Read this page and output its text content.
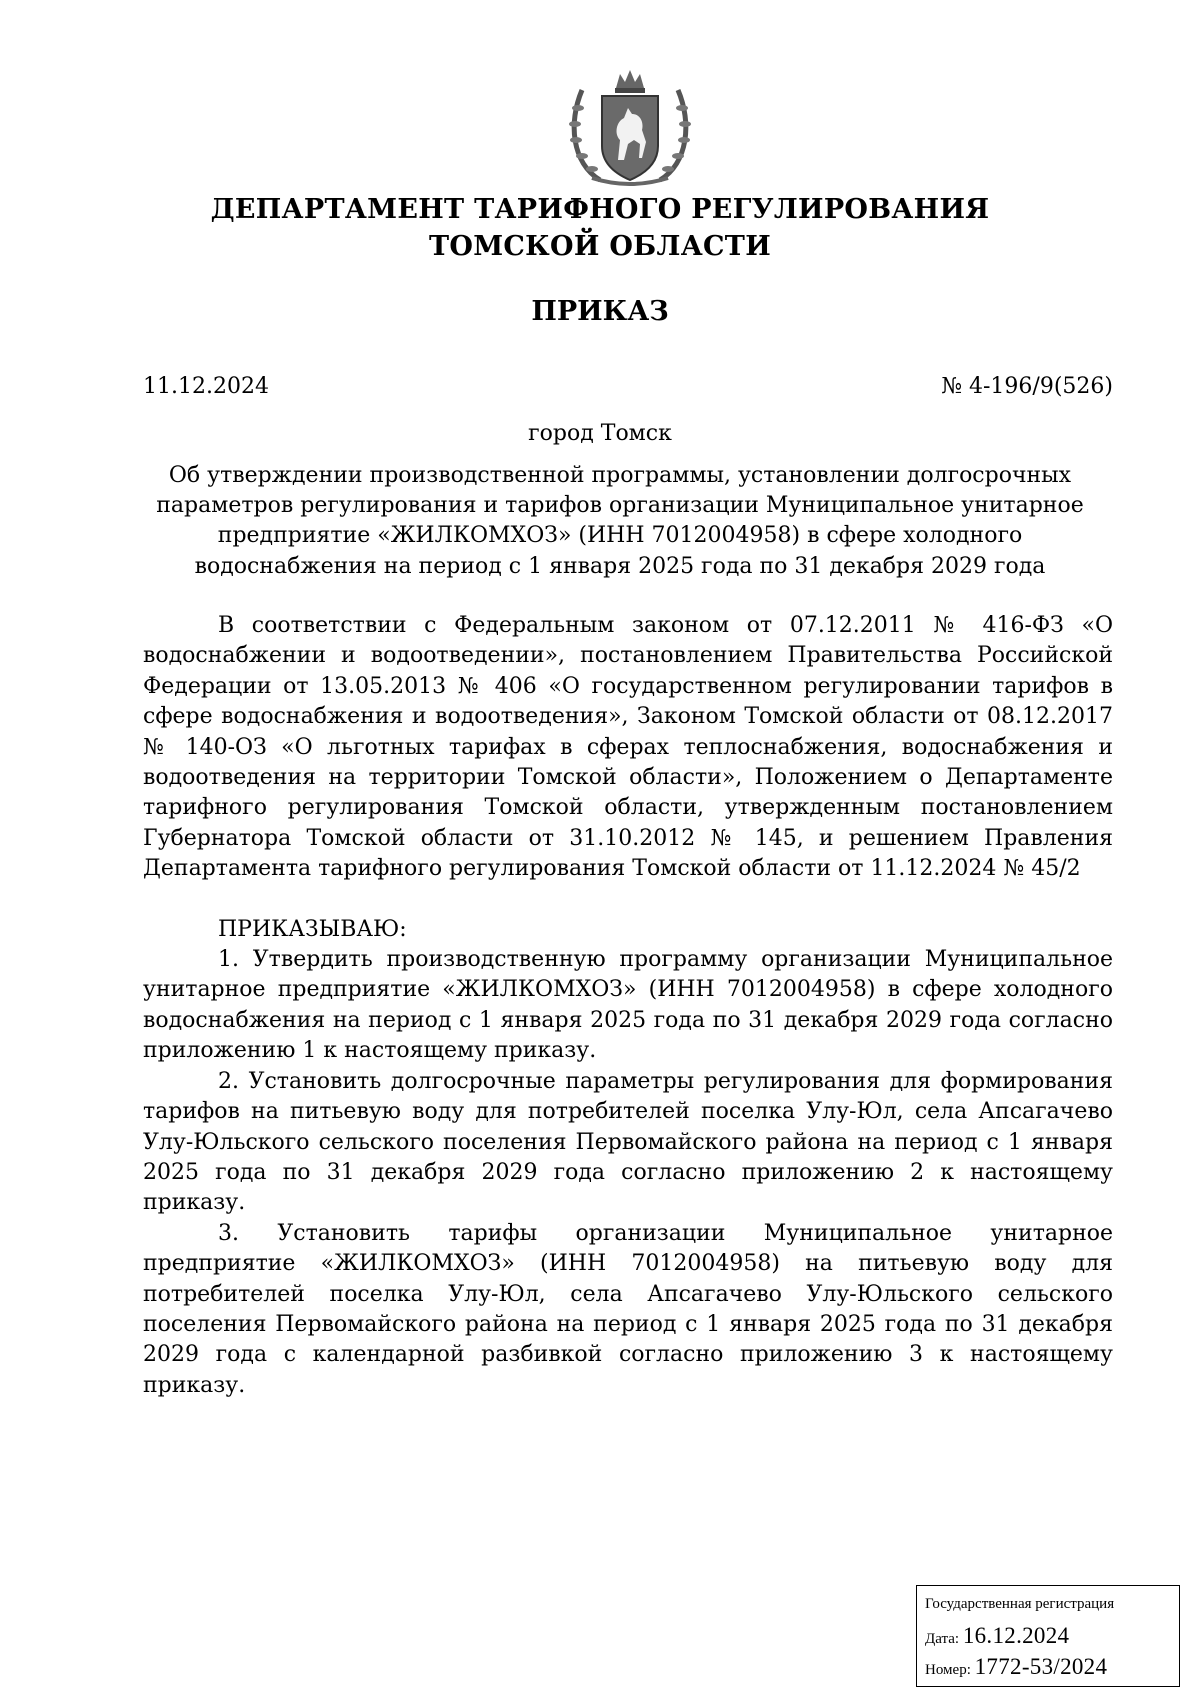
ДЕПАРТАМЕНТ ТАРИФНОГО РЕГУЛИРОВАНИЯ
ТОМСКОЙ ОБЛАСТИ
ПРИКАЗ
11.12.2024	№ 4-196/9(526)
город Томск
Об утверждении производственной программы, установлении долгосрочных параметров регулирования и тарифов организации Муниципальное унитарное предприятие «ЖИЛКОМХОЗ» (ИНН 7012004958) в сфере холодного водоснабжения на период с 1 января 2025 года по 31 декабря 2029 года

В соответствии с Федеральным законом от 07.12.2011 № 416-ФЗ «О водоснабжении и водоотведении», постановлением Правительства Российской Федерации от 13.05.2013 № 406 «О государственном регулировании тарифов в сфере водоснабжения и водоотведения», Законом Томской области от 08.12.2017 № 140-ОЗ «О льготных тарифах в сферах теплоснабжения, водоснабжения и водоотведения на территории Томской области», Положением о Департаменте тарифного регулирования Томской области, утвержденным постановлением Губернатора Томской области от 31.10.2012 № 145, и решением Правления Департамента тарифного регулирования Томской области от 11.12.2024 № 45/2

ПРИКАЗЫВАЮ:

1. Утвердить производственную программу организации Муниципальное унитарное предприятие «ЖИЛКОМХОЗ» (ИНН 7012004958) в сфере холодного водоснабжения на период с 1 января 2025 года по 31 декабря 2029 года согласно приложению 1 к настоящему приказу.

2. Установить долгосрочные параметры регулирования для формирования тарифов на питьевую воду для потребителей поселка Улу-Юл, села Апсагачево Улу-Юльского сельского поселения Первомайского района на период с 1 января 2025 года по 31 декабря 2029 года согласно приложению 2 к настоящему приказу.

3. Установить тарифы организации Муниципальное унитарное предприятие «ЖИЛКОМХОЗ» (ИНН 7012004958) на питьевую воду для потребителей поселка Улу-Юл, села Апсагачево Улу-Юльского сельского поселения Первомайского района на период с 1 января 2025 года по 31 декабря 2029 года с календарной разбивкой согласно приложению 3 к настоящему приказу.

Государственная регистрация
Дата: 16.12.2024
Номер: 1772-53/2024
